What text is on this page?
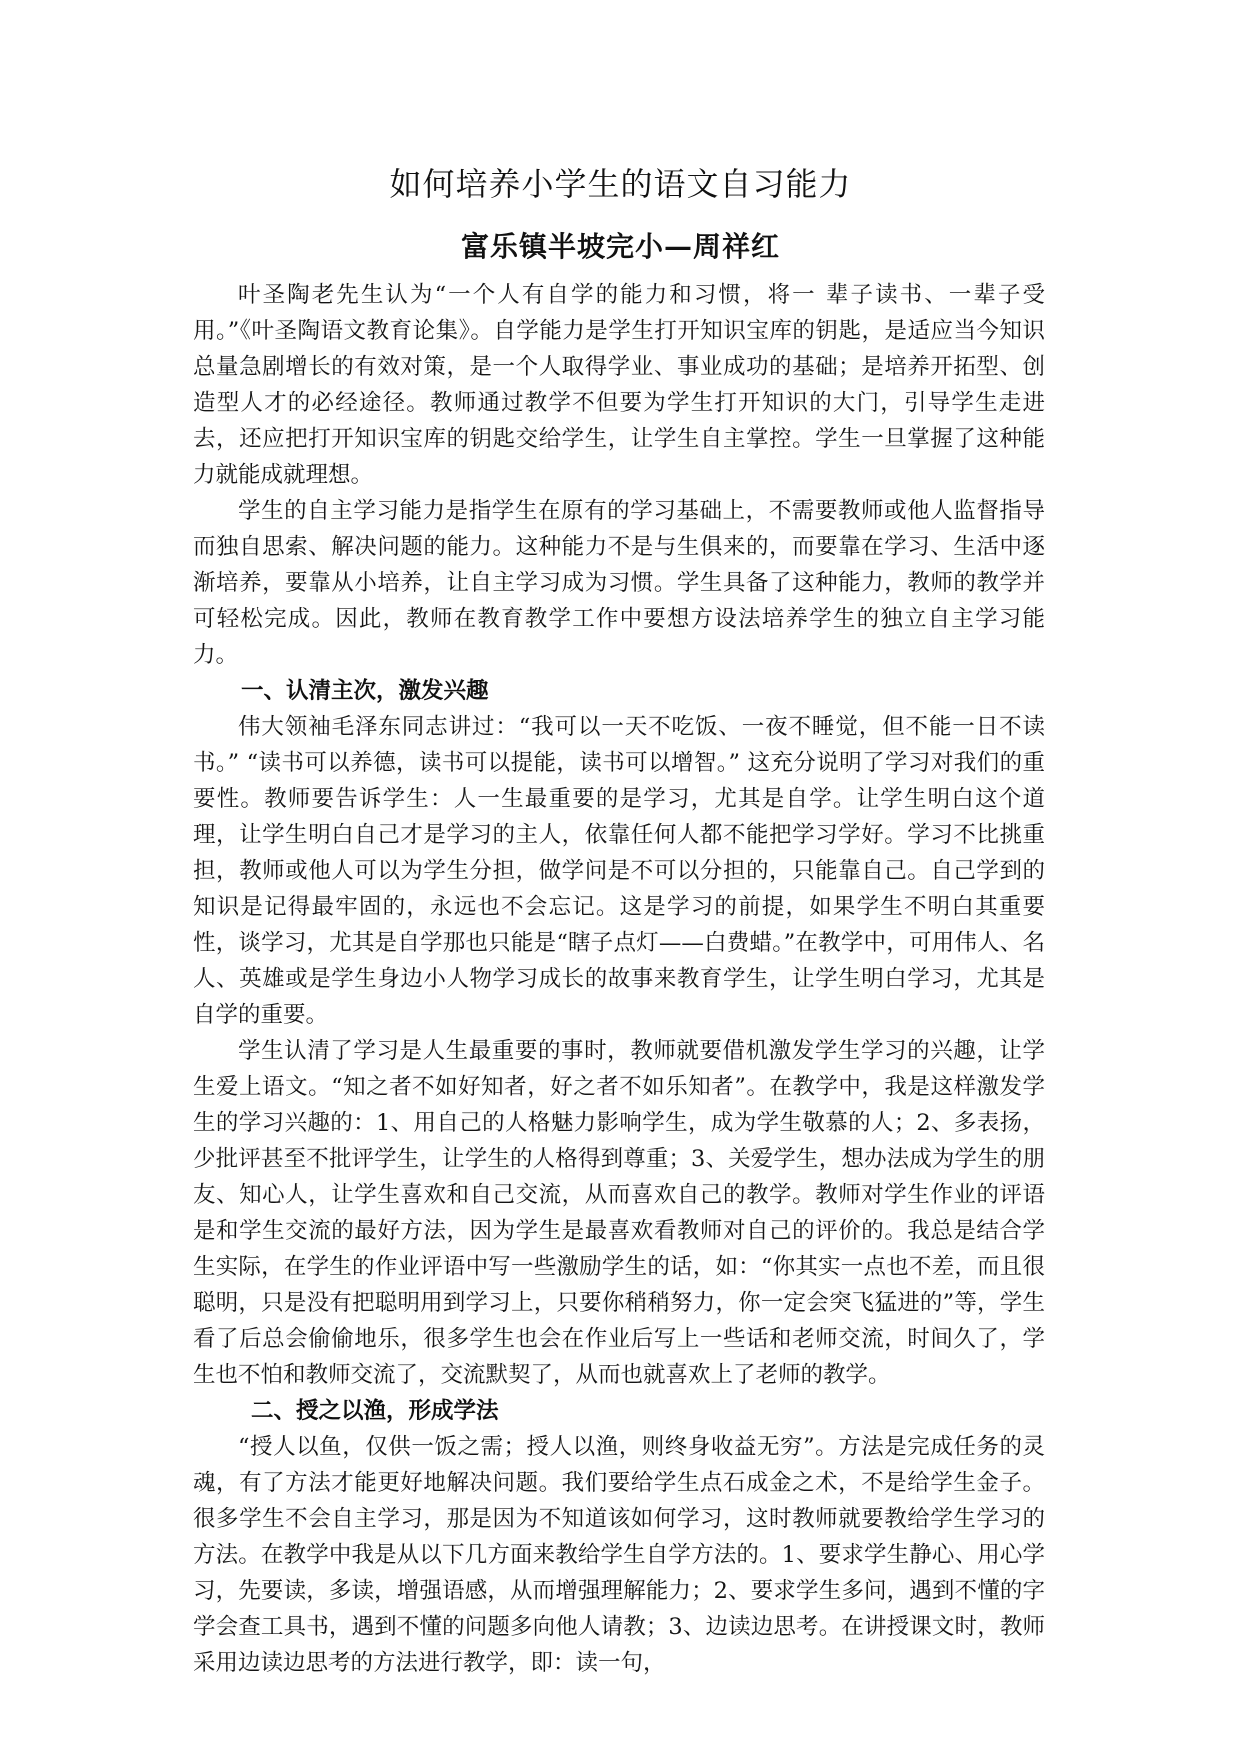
如何培养小学生的语文自习能力
富乐镇半坡完小—周祥红

叶圣陶老先生认为“一个人有自学的能力和习惯，将一 辈子读书、一辈子受用。”《叶圣陶语文教育论集》。自学能力是学生打开知识宝库的钥匙，是适应当今知识总量急剧增长的有效对策，是一个人取得学业、事业成功的基础；是培养开拓型、创造型人才的必经途径。教师通过教学不但要为学生打开知识的大门，引导学生走进去，还应把打开知识宝库的钥匙交给学生，让学生自主掌控。学生一旦掌握了这种能力就能成就理想。

学生的自主学习能力是指学生在原有的学习基础上，不需要教师或他人监督指导而独自思索、解决问题的能力。这种能力不是与生俱来的，而要靠在学习、生活中逐渐培养，要靠从小培养，让自主学习成为习惯。学生具备了这种能力，教师的教学并可轻松完成。因此，教师在教育教学工作中要想方设法培养学生的独立自主学习能力。

一、认清主次，激发兴趣

伟大领袖毛泽东同志讲过：“我可以一天不吃饭、一夜不睡觉，但不能一日不读书。” “读书可以养德，读书可以提能，读书可以增智。” 这充分说明了学习对我们的重要性。教师要告诉学生：人一生最重要的是学习，尤其是自学。让学生明白这个道理，让学生明白自己才是学习的主人，依靠任何人都不能把学习学好。学习不比挑重担，教师或他人可以为学生分担，做学问是不可以分担的，只能靠自己。自己学到的知识是记得最牢固的，永远也不会忘记。这是学习的前提，如果学生不明白其重要性，谈学习，尤其是自学那也只能是“瞎子点灯——白费蜡。”在教学中，可用伟人、名人、英雄或是学生身边小人物学习成长的故事来教育学生，让学生明白学习，尤其是自学的重要。

学生认清了学习是人生最重要的事时，教师就要借机激发学生学习的兴趣，让学生爱上语文。“知之者不如好知者，好之者不如乐知者”。在教学中，我是这样激发学生的学习兴趣的：1、用自己的人格魅力影响学生，成为学生敬慕的人；2、多表扬，少批评甚至不批评学生，让学生的人格得到尊重；3、关爱学生，想办法成为学生的朋友、知心人，让学生喜欢和自己交流，从而喜欢自己的教学。教师对学生作业的评语是和学生交流的最好方法，因为学生是最喜欢看教师对自己的评价的。我总是结合学生实际，在学生的作业评语中写一些激励学生的话，如：“你其实一点也不差，而且很聪明，只是没有把聪明用到学习上，只要你稍稍努力，你一定会突飞猛进的”等，学生看了后总会偷偷地乐，很多学生也会在作业后写上一些话和老师交流，时间久了，学生也不怕和教师交流了，交流默契了，从而也就喜欢上了老师的教学。

二、授之以渔，形成学法

“授人以鱼，仅供一饭之需；授人以渔，则终身收益无穷”。方法是完成任务的灵魂，有了方法才能更好地解决问题。我们要给学生点石成金之术，不是给学生金子。很多学生不会自主学习，那是因为不知道该如何学习，这时教师就要教给学生学习的方法。在教学中我是从以下几方面来教给学生自学方法的。1、要求学生静心、用心学习，先要读，多读，增强语感，从而增强理解能力；2、要求学生多问，遇到不懂的字学会查工具书，遇到不懂的问题多向他人请教；3、边读边思考。在讲授课文时，教师采用边读边思考的方法进行教学，即：读一句，
